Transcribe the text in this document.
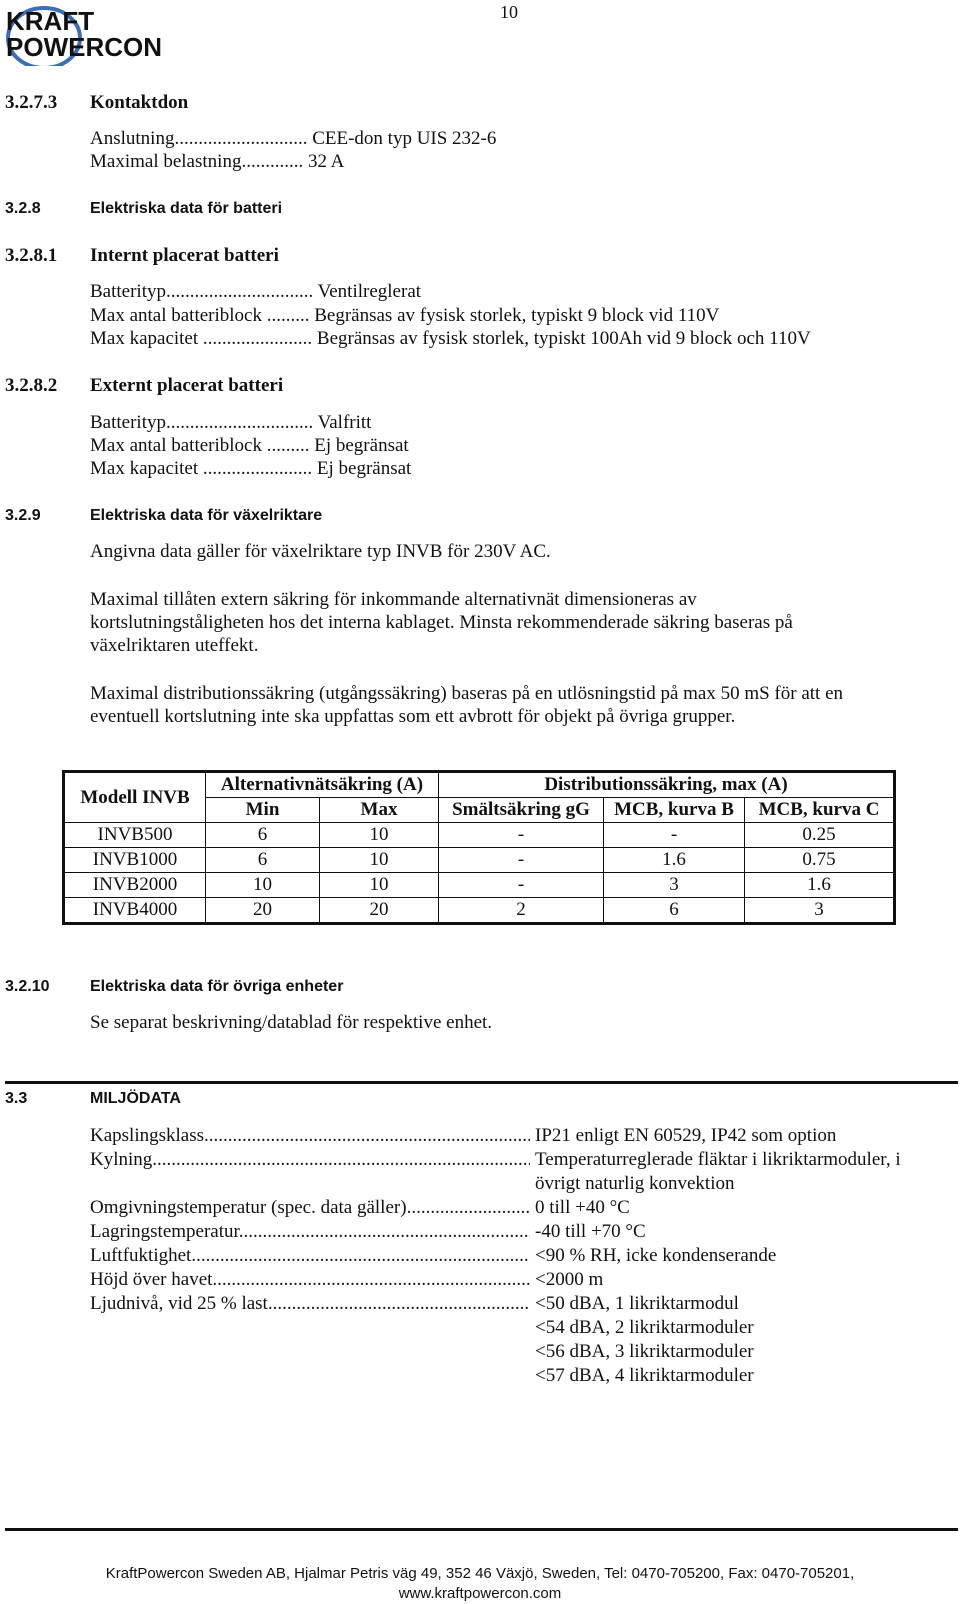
KRAFT
POWERCON
10
3.2.7.3 Kontaktdon
Anslutning............................ CEE-don typ UIS 232-6
Maximal belastning............. 32 A
3.2.8	Elektriska data för batteri
3.2.8.1 Internt placerat batteri
Batterityp............................... Ventilreglerat
Max antal batteriblock ......... Begränsas av fysisk storlek, typiskt 9 block vid 110V
Max kapacitet ....................... Begränsas av fysisk storlek, typiskt 100Ah vid 9 block och 110V
3.2.8.2 Externt placerat batteri
Batterityp............................... Valfritt
Max antal batteriblock ......... Ej begränsat
Max kapacitet ....................... Ej begränsat
3.2.9	Elektriska data för växelriktare
Angivna data gäller för växelriktare typ INVB för 230V AC.
Maximal tillåten extern säkring för inkommande alternativnät dimensioneras av
kortslutningståligheten hos det interna kablaget. Minsta rekommenderade säkring baseras på
växelriktaren uteffekt.
Maximal distributionssäkring (utgångssäkring) baseras på en utlösningstid på max 50 mS för att en
eventuell kortslutning inte ska uppfattas som ett avbrott för objekt på övriga grupper.
Modell INVB	Alternativnätsäkring (A)		Distributionssäkring, max (A)		
	Min	Max	Smältsäkring gG	MCB, kurva B	MCB, kurva C
INVB500	6	10	-	-	0.25
INVB1000	6	10	-	1.6	0.75
INVB2000	10	10	-	3	1.6
INVB4000	20	20	2	6	3
3.2.10	Elektriska data för övriga enheter
Se separat beskrivning/datablad för respektive enhet.
3.3	MILJÖDATA
Kapslingsklass .....	IP21 enligt EN 60529, IP42 som option
Kylning .....	Temperaturreglerade fläktar i likriktarmoduler, i
övrigt naturlig konvektion
Omgivningstemperatur (spec. data gäller) .....	0 till +40 °C
Lagringstemperatur .....	-40 till +70 °C
Luftfuktighet .....	<90 % RH, icke kondenserande
Höjd över havet .....	<2000 m
Ljudnivå, vid 25 % last .....	<50 dBA, 1 likriktarmodul
<54 dBA, 2 likriktarmoduler
<56 dBA, 3 likriktarmoduler
<57 dBA, 4 likriktarmoduler
KraftPowercon Sweden AB, Hjalmar Petris väg 49, 352 46 Växjö, Sweden, Tel: 0470-705200, Fax: 0470-705201,
www.kraftpowercon.com
